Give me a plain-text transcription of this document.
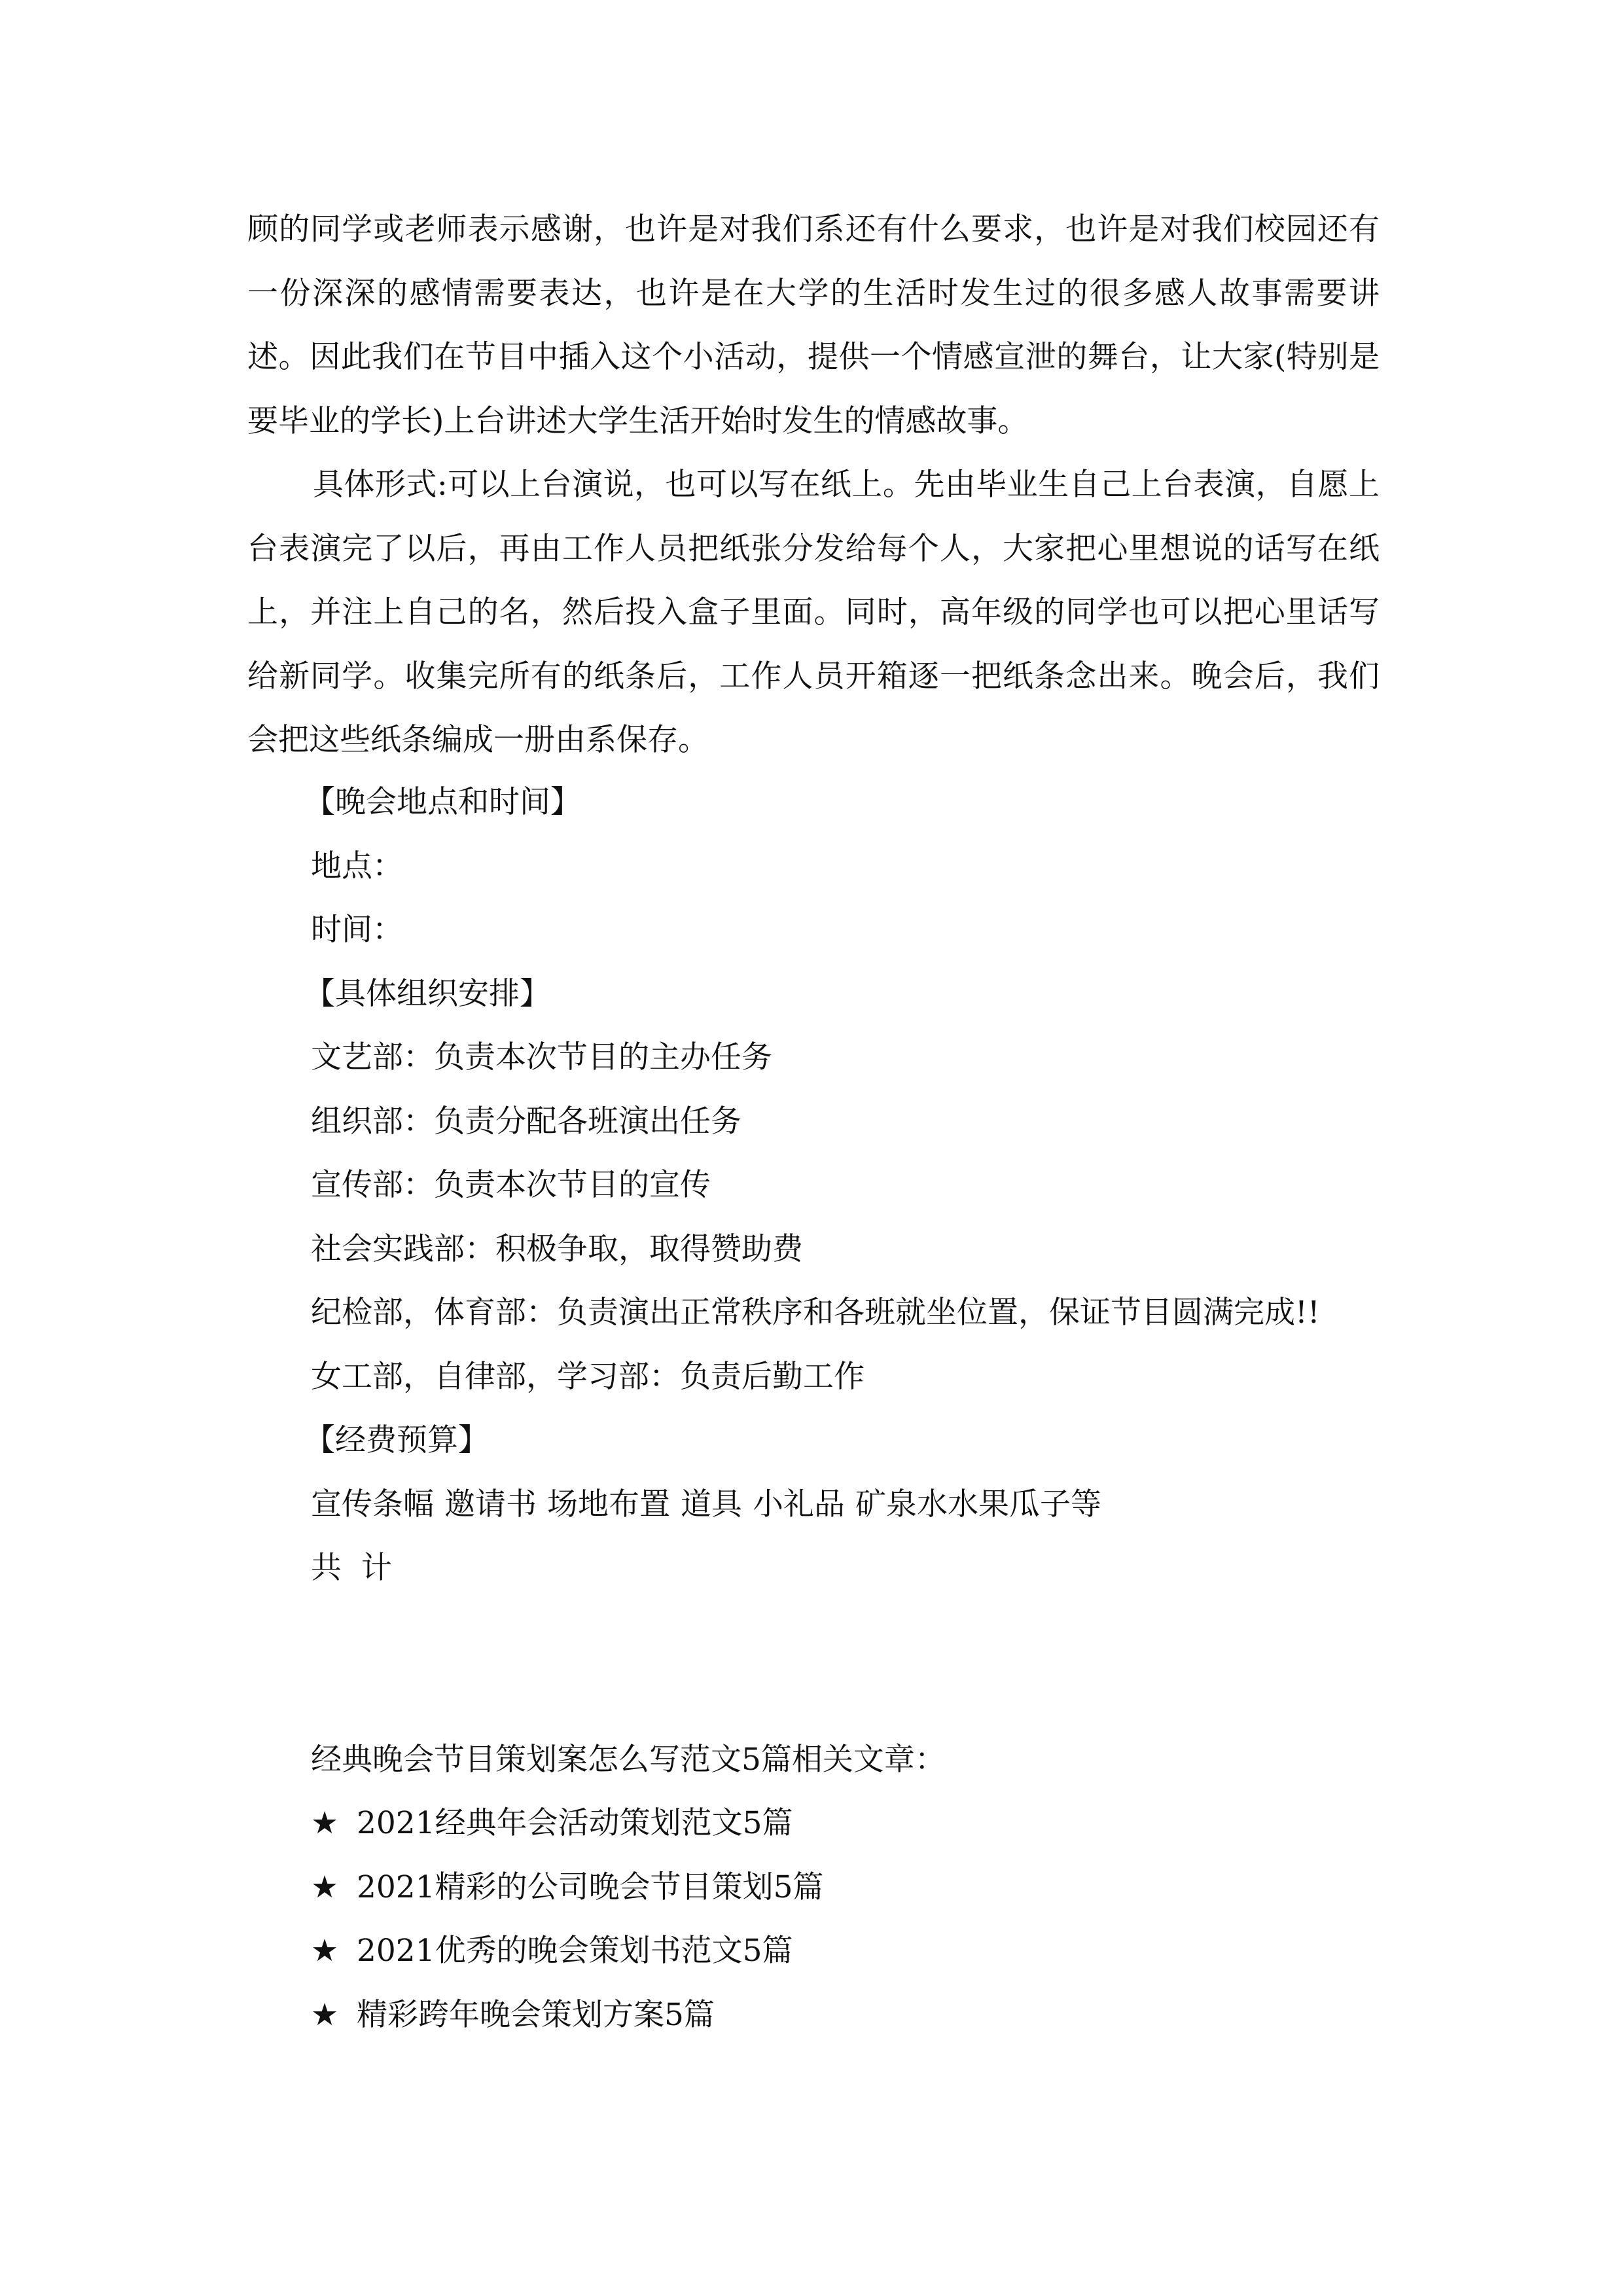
顾的同学或老师表示感谢，也许是对我们系还有什么要求，也许是对我们校园还有一份深深的感情需要表达，也许是在大学的生活时发生过的很多感人故事需要讲述。因此我们在节目中插入这个小活动，提供一个情感宣泄的舞台，让大家(特别是要毕业的学长)上台讲述大学生活开始时发生的情感故事。

具体形式:可以上台演说，也可以写在纸上。先由毕业生自己上台表演，自愿上台表演完了以后，再由工作人员把纸张分发给每个人，大家把心里想说的话写在纸上，并注上自己的名，然后投入盒子里面。同时，高年级的同学也可以把心里话写给新同学。收集完所有的纸条后，工作人员开箱逐一把纸条念出来。晚会后，我们会把这些纸条编成一册由系保存。

【晚会地点和时间】

地点：

时间：

【具体组织安排】

文艺部：负责本次节目的主办任务

组织部：负责分配各班演出任务

宣传部：负责本次节目的宣传

社会实践部：积极争取，取得赞助费

纪检部，体育部：负责演出正常秩序和各班就坐位置，保证节目圆满完成!!

女工部，自律部，学习部：负责后勤工作

【经费预算】

宣传条幅 邀请书 场地布置 道具 小礼品 矿泉水水果瓜子等

共  计

经典晚会节目策划案怎么写范文5篇相关文章：

★ 2021经典年会活动策划范文5篇

★ 2021精彩的公司晚会节目策划5篇

★ 2021优秀的晚会策划书范文5篇

★ 精彩跨年晚会策划方案5篇
